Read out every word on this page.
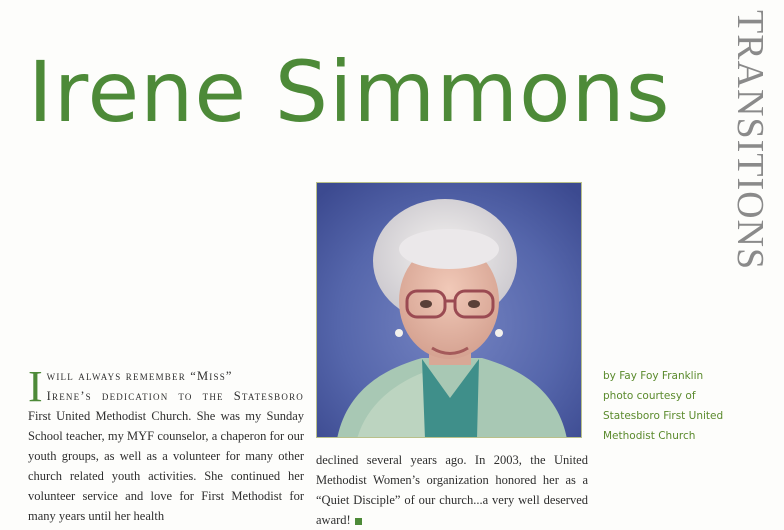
Irene Simmons TRANSITIONS
by Fay Foy Franklin
photo courtesy of
Statesboro First United
Methodist Church
I will always remember “Miss”
Irene’s dedication to the Statesboro First United Methodist Church. She was my Sunday School teacher, my MYF counselor, a chaperon for our youth groups, as well as a volunteer for many other church related youth activities. She continued her volunteer service and love for First Methodist for many years until her health
declined several years ago. In 2003, the United Methodist Women’s organization honored her as a “Quiet Disciple” of our church...a very well deserved award!
